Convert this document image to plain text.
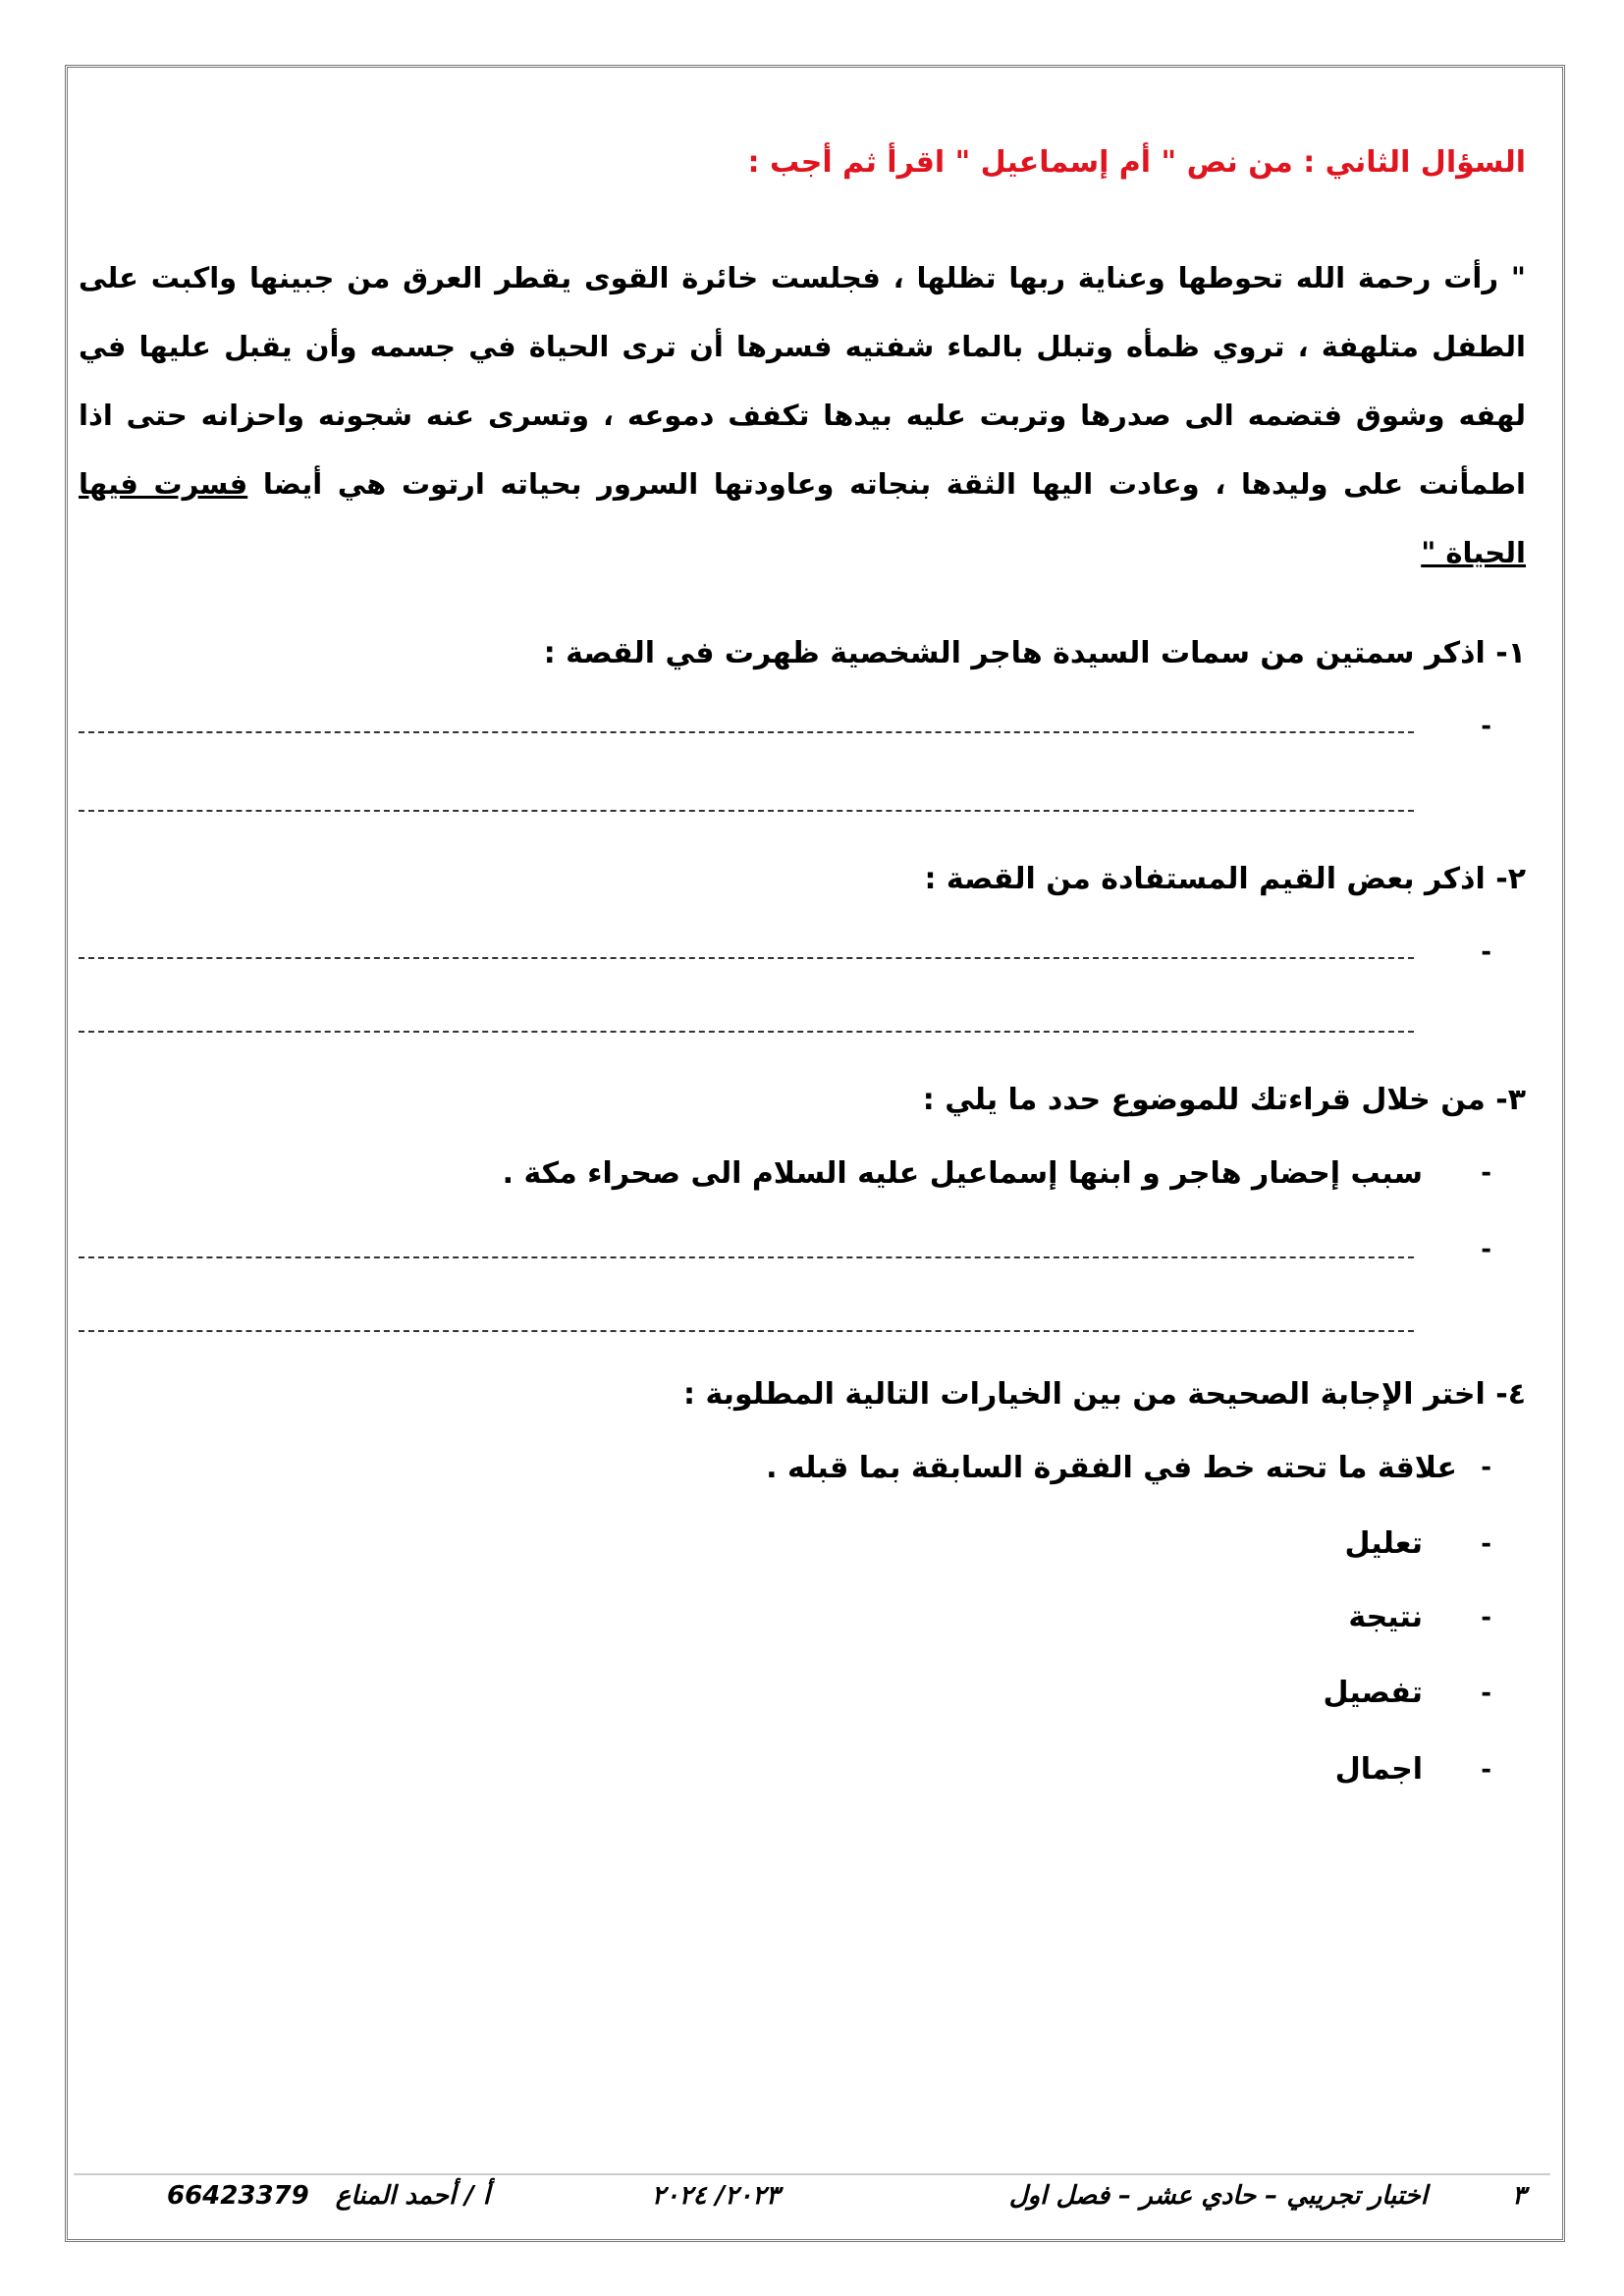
السؤال الثاني : من نص " أم إسماعيل " اقرأ ثم أجب :
" رأت رحمة الله تحوطها وعناية ربها تظلها ، فجلست خائرة القوى يقطر العرق من جبينها واكبت على الطفل متلهفة ، تروي ظمأه وتبلل بالماء شفتيه فسرها أن ترى الحياة في جسمه وأن يقبل عليها في لهفه وشوق فتضمه الى صدرها وتربت عليه بيدها تكفف دموعه ، وتسرى عنه شجونه واحزانه حتى اذا اطمأنت على وليدها ، وعادت اليها الثقة بنجاته وعاودتها السرور بحياته ارتوت هي أيضا فسرت فيها الحياة "
١- اذكر سمتين من سمات السيدة هاجر الشخصية ظهرت في القصة :
-
٢- اذكر بعض القيم المستفادة من القصة :
-
٣- من خلال قراءتك للموضوع حدد ما يلي :
-
سبب إحضار هاجر و ابنها إسماعيل عليه السلام الى صحراء مكة .
-
٤- اختر الإجابة الصحيحة من بين الخيارات التالية المطلوبة :
-
علاقة ما تحته خط في الفقرة السابقة بما قبله .
-
تعليل
-
نتيجة
-
تفصيل
-
اجمال
٣
اختبار تجريبي – حادي عشر – فصل اول
٢٠٢٣/ ٢٠٢٤
أ / أحمد المناع
66423379
